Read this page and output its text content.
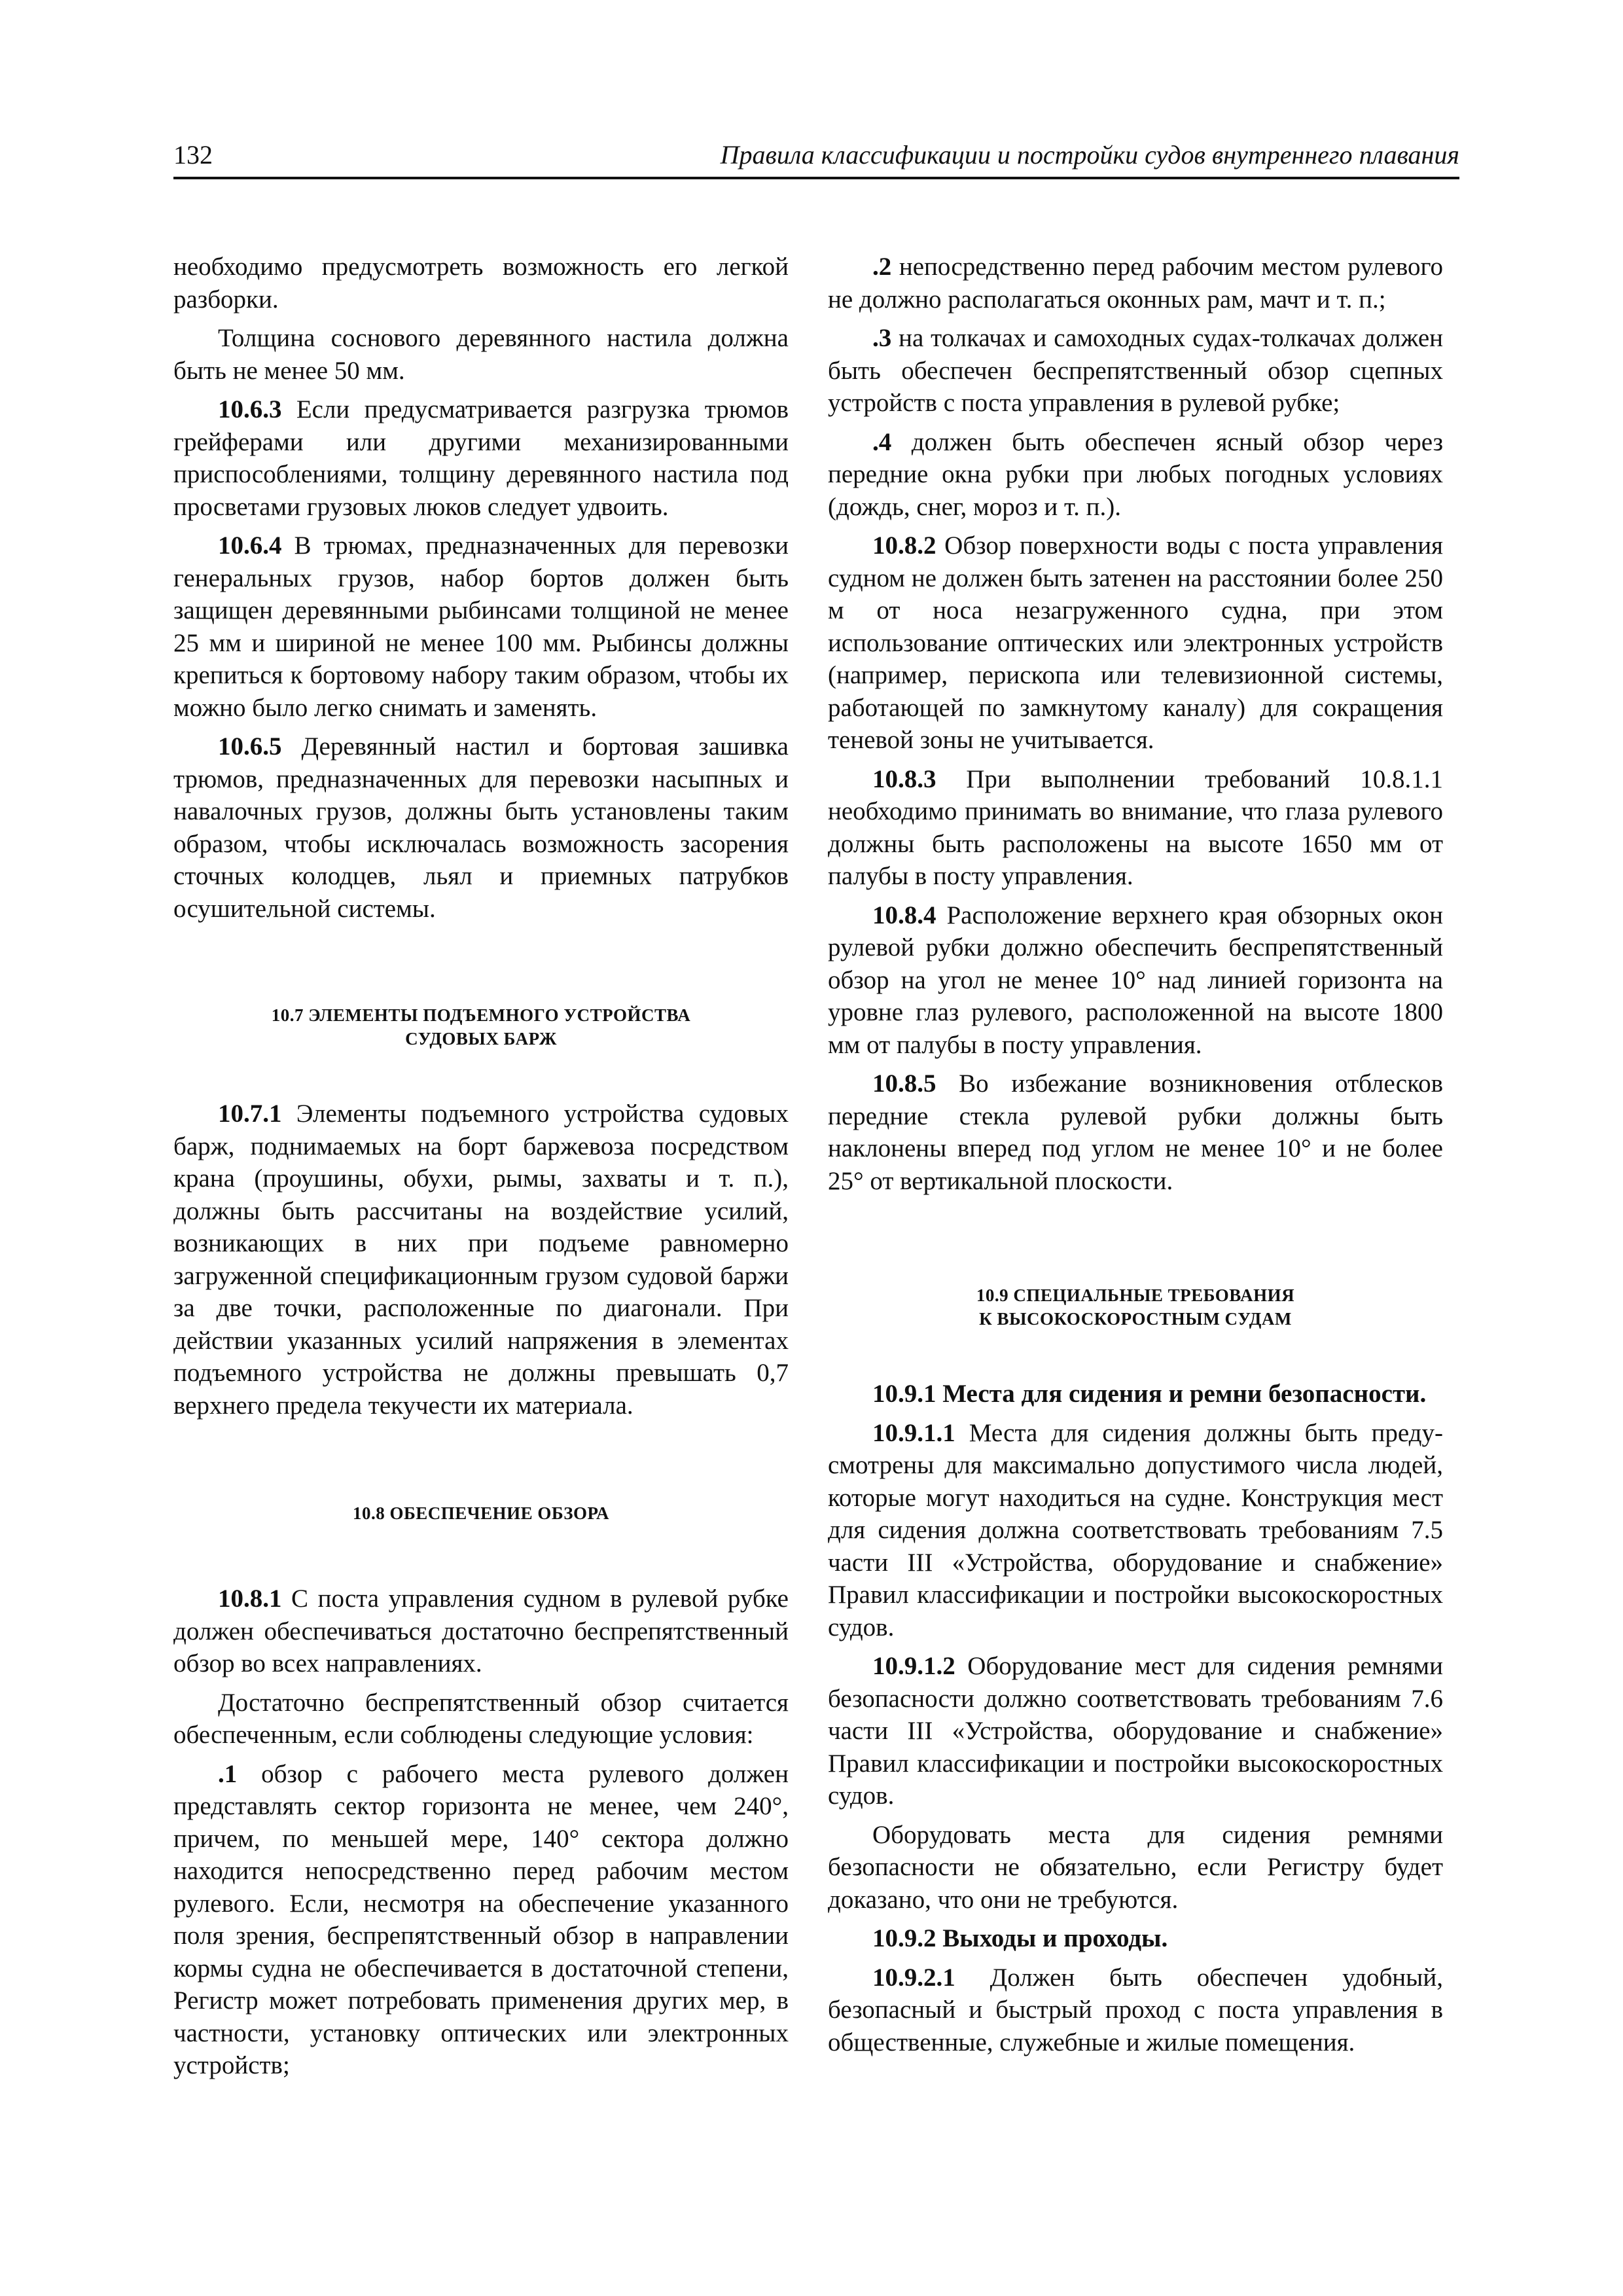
132	Правила классификации и постройки судов внутреннего плавания

необходимо предусмотреть возможность его легкой разборки.

Толщина соснового деревянного настила должна быть не менее 50 мм.

10.6.3 Если предусматривается разгрузка трюмов грейферами или другими механизированными приспособлениями, толщину деревянного настила под просветами грузовых люков следует удвоить.

10.6.4 В трюмах, предназначенных для перевозки генеральных грузов, набор бортов должен быть защищен деревянными рыбинсами толщиной не менее 25 мм и шириной не менее 100 мм. Рыбинсы должны крепиться к бортовому набору таким образом, чтобы их можно было легко снимать и заменять.

10.6.5 Деревянный настил и бортовая зашивка трюмов, предназначенных для перевозки насыпных и навалочных грузов, должны быть установлены таким образом, чтобы исключалась возможность засорения сточных колодцев, льял и приемных патрубков осушительной системы.

10.7 ЭЛЕМЕНТЫ ПОДЪЕМНОГО УСТРОЙСТВА
СУДОВЫХ БАРЖ

10.7.1 Элементы подъемного устройства судовых барж, поднимаемых на борт баржевоза посредством крана (проушины, обухи, рымы, захваты и т. п.), должны быть рассчитаны на воздействие усилий, возникающих в них при подъеме равномерно загруженной спецификационным грузом судовой баржи за две точки, расположенные по диагонали. При действии указанных усилий напряжения в элементах подъемного устройства не должны превышать 0,7 верхнего предела текучести их материала.

10.8 ОБЕСПЕЧЕНИЕ ОБЗОРА

10.8.1 С поста управления судном в рулевой рубке должен обеспечиваться достаточно беспрепятственный обзор во всех направлениях.

Достаточно беспрепятственный обзор считается обеспеченным, если соблюдены следующие условия:

.1 обзор с рабочего места рулевого должен представлять сектор горизонта не менее, чем 240°, причем, по меньшей мере, 140° сектора должно находится непосредственно перед рабочим местом рулевого. Если, несмотря на обеспечение указанного поля зрения, беспрепятственный обзор в направлении кормы судна не обеспечивается в достаточной степени, Регистр может потребовать применения других мер, в частности, установку оптических или электронных устройств;

.2 непосредственно перед рабочим местом рулевого не должно располагаться оконных рам, мачт и т. п.;

.3 на толкачах и самоходных судах-толкачах должен быть обеспечен беспрепятственный обзор сцепных устройств с поста управления в рулевой рубке;

.4 должен быть обеспечен ясный обзор через передние окна рубки при любых погодных условиях (дождь, снег, мороз и т. п.).

10.8.2 Обзор поверхности воды с поста управления судном не должен быть затенен на расстоянии более 250 м от носа незагруженного судна, при этом использование оптических или электронных устройств (например, перископа или телевизионной системы, работающей по замкнутому каналу) для сокращения теневой зоны не учитывается.

10.8.3 При выполнении требований 10.8.1.1 необходимо принимать во внимание, что глаза рулевого должны быть расположены на высоте 1650 мм от палубы в посту управления.

10.8.4 Расположение верхнего края обзорных окон рулевой рубки должно обеспечить беспрепятственный обзор на угол не менее 10° над линией горизонта на уровне глаз рулевого, расположенной на высоте 1800 мм от палубы в посту управления.

10.8.5 Во избежание возникновения отблесков передние стекла рулевой рубки должны быть наклонены вперед под углом не менее 10° и не более 25° от вертикальной плоскости.

10.9 СПЕЦИАЛЬНЫЕ ТРЕБОВАНИЯ
К ВЫСОКОСКОРОСТНЫМ СУДАМ

10.9.1 Места для сидения и ремни безопасности.

10.9.1.1 Места для сидения должны быть предусмотрены для максимально допустимого числа людей, которые могут находиться на судне. Конструкция мест для сидения должна соответствовать требованиям 7.5 части III «Устройства, оборудование и снабжение» Правил классификации и постройки высокоскоростных судов.

10.9.1.2 Оборудование мест для сидения ремнями безопасности должно соответствовать требованиям 7.6 части III «Устройства, оборудование и снабжение» Правил классификации и постройки высокоскоростных судов.

Оборудовать места для сидения ремнями безопасности не обязательно, если Регистру будет доказано, что они не требуются.

10.9.2 Выходы и проходы.

10.9.2.1 Должен быть обеспечен удобный, безопасный и быстрый проход с поста управления в общественные, служебные и жилые помещения.
